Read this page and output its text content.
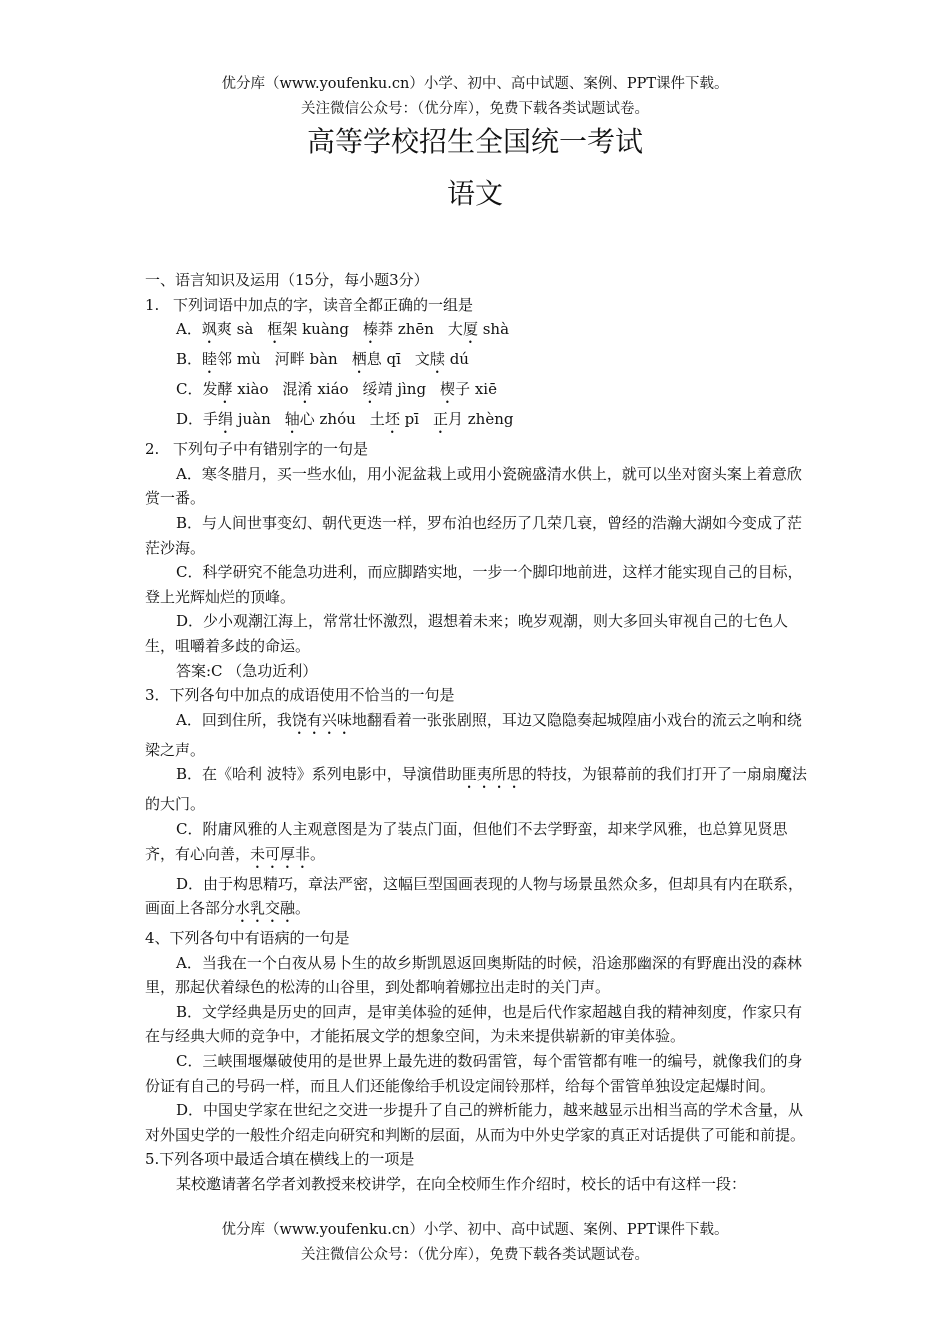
优分库（www.youfenku.cn）小学、初中、高中试题、案例、PPT课件下载。
关注微信公众号：（优分库），免费下载各类试题试卷。
高等学校招生全国统一考试
语文

一、语言知识及运用（15分，每小题3分）

1. 下列词语中加点的字，读音全都正确的一组是

A．飒爽 sà 框架 kuàng 榛莽 zhēn 大厦 shà

B．睦邻 mù 河畔 bàn 栖息 qī 文牍 dú

C．发酵 xiào 混淆 xiáo 绥靖 jìng 楔子 xiē

D．手绢 juàn 轴心 zhóu 土坯 pī 正月 zhèng

2. 下列句子中有错别字的一句是

A．寒冬腊月，买一些水仙，用小泥盆栽上或用小瓷碗盛清水供上，就可以坐对窗头案上着意欣赏一番。

B．与人间世事变幻、朝代更迭一样，罗布泊也经历了几荣几衰，曾经的浩瀚大湖如今变成了茫茫沙海。

C．科学研究不能急功进利，而应脚踏实地，一步一个脚印地前进，这样才能实现自己的目标，登上光辉灿烂的顶峰。

D．少小观潮江海上，常常壮怀激烈，遐想着未来；晚岁观潮，则大多回头审视自己的七色人生，咀嚼着多歧的命运。

答案:C （急功近利）

3．下列各句中加点的成语使用不恰当的一句是

A．回到住所，我饶有兴味地翻看着一张张剧照，耳边又隐隐奏起城隍庙小戏台的流云之响和绕梁之声。

B．在《哈利 波特》系列电影中，导演借助匪夷所思的特技，为银幕前的我们打开了一扇扇魔法的大门。

C．附庸风雅的人主观意图是为了装点门面，但他们不去学野蛮，却来学风雅，也总算见贤思齐，有心向善，未可厚非。

D．由于构思精巧，章法严密，这幅巨型国画表现的人物与场景虽然众多，但却具有内在联系，画面上各部分水乳交融。

4、下列各句中有语病的一句是

A．当我在一个白夜从易卜生的故乡斯凯恩返回奥斯陆的时候，沿途那幽深的有野鹿出没的森林里，那起伏着绿色的松涛的山谷里，到处都响着娜拉出走时的关门声。

B．文学经典是历史的回声，是审美体验的延伸，也是后代作家超越自我的精神刻度，作家只有在与经典大师的竞争中，才能拓展文学的想象空间，为未来提供崭新的审美体验。

C．三峡围堰爆破使用的是世界上最先进的数码雷管，每个雷管都有唯一的编号，就像我们的身份证有自己的号码一样，而且人们还能像给手机设定闹铃那样，给每个雷管单独设定起爆时间。

D．中国史学家在世纪之交进一步提升了自己的辨析能力，越来越显示出相当高的学术含量，从对外国史学的一般性介绍走向研究和判断的层面，从而为中外史学家的真正对话提供了可能和前提。

5.下列各项中最适合填在横线上的一项是

某校邀请著名学者刘教授来校讲学，在向全校师生作介绍时，校长的话中有这样一段：

优分库（www.youfenku.cn）小学、初中、高中试题、案例、PPT课件下载。
关注微信公众号：（优分库），免费下载各类试题试卷。
